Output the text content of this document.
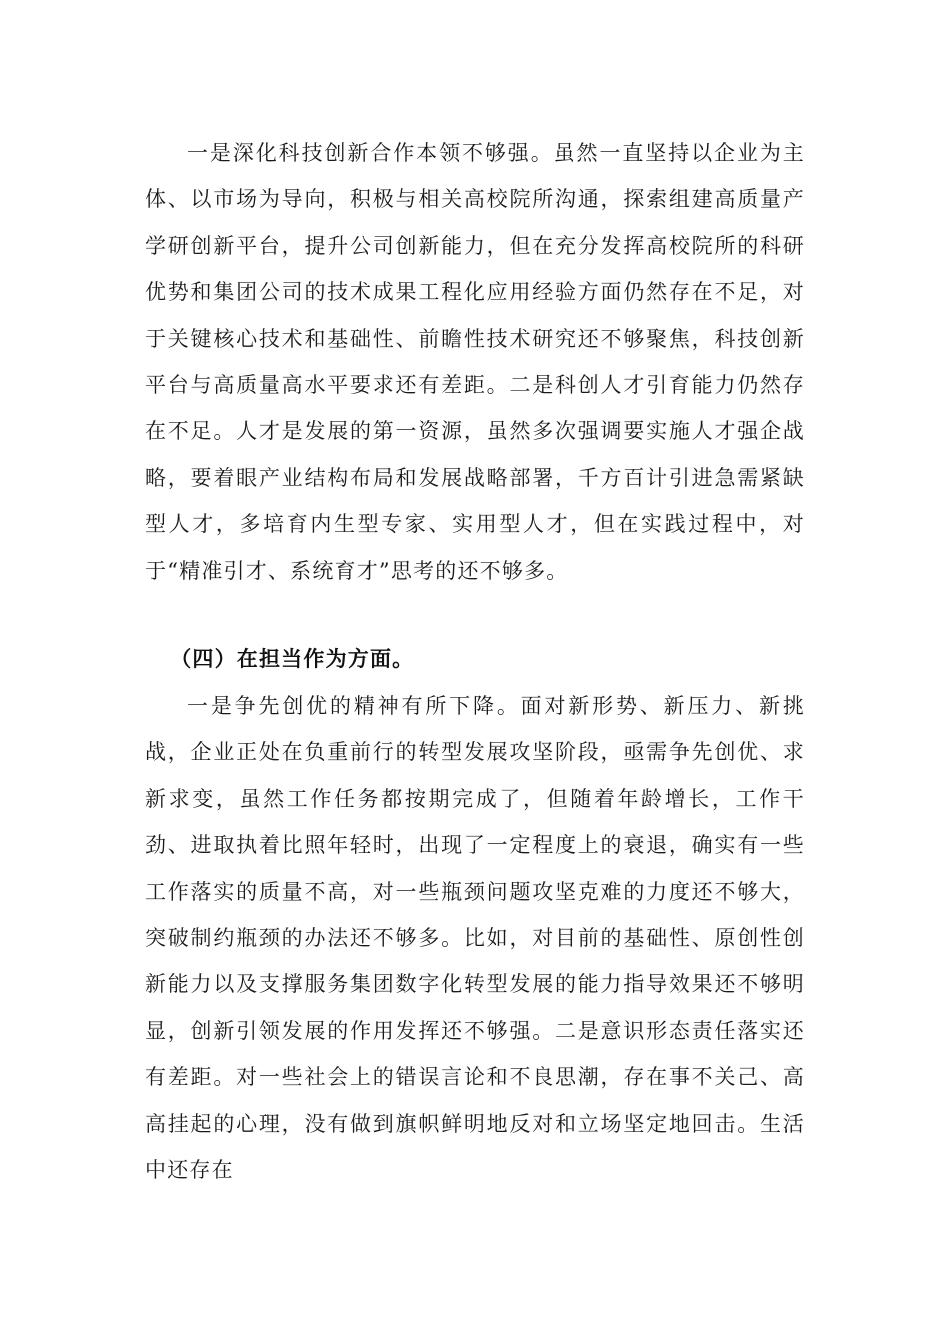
一是深化科技创新合作本领不够强。虽然一直坚持以企业为主体、以市场为导向，积极与相关高校院所沟通，探索组建高质量产学研创新平台，提升公司创新能力，但在充分发挥高校院所的科研优势和集团公司的技术成果工程化应用经验方面仍然存在不足，对于关键核心技术和基础性、前瞻性技术研究还不够聚焦，科技创新平台与高质量高水平要求还有差距。二是科创人才引育能力仍然存在不足。人才是发展的第一资源，虽然多次强调要实施人才强企战略，要着眼产业结构布局和发展战略部署，千方百计引进急需紧缺型人才，多培育内生型专家、实用型人才，但在实践过程中，对于“精准引才、系统育才”思考的还不够多。

（四）在担当作为方面。

一是争先创优的精神有所下降。面对新形势、新压力、新挑战，企业正处在负重前行的转型发展攻坚阶段，亟需争先创优、求新求变，虽然工作任务都按期完成了，但随着年龄增长，工作干劲、进取执着比照年轻时，出现了一定程度上的衰退，确实有一些工作落实的质量不高，对一些瓶颈问题攻坚克难的力度还不够大，突破制约瓶颈的办法还不够多。比如，对目前的基础性、原创性创新能力以及支撑服务集团数字化转型发展的能力指导效果还不够明显，创新引领发展的作用发挥还不够强。二是意识形态责任落实还有差距。对一些社会上的错误言论和不良思潮，存在事不关己、高高挂起的心理，没有做到旗帜鲜明地反对和立场坚定地回击。生活中还存在
